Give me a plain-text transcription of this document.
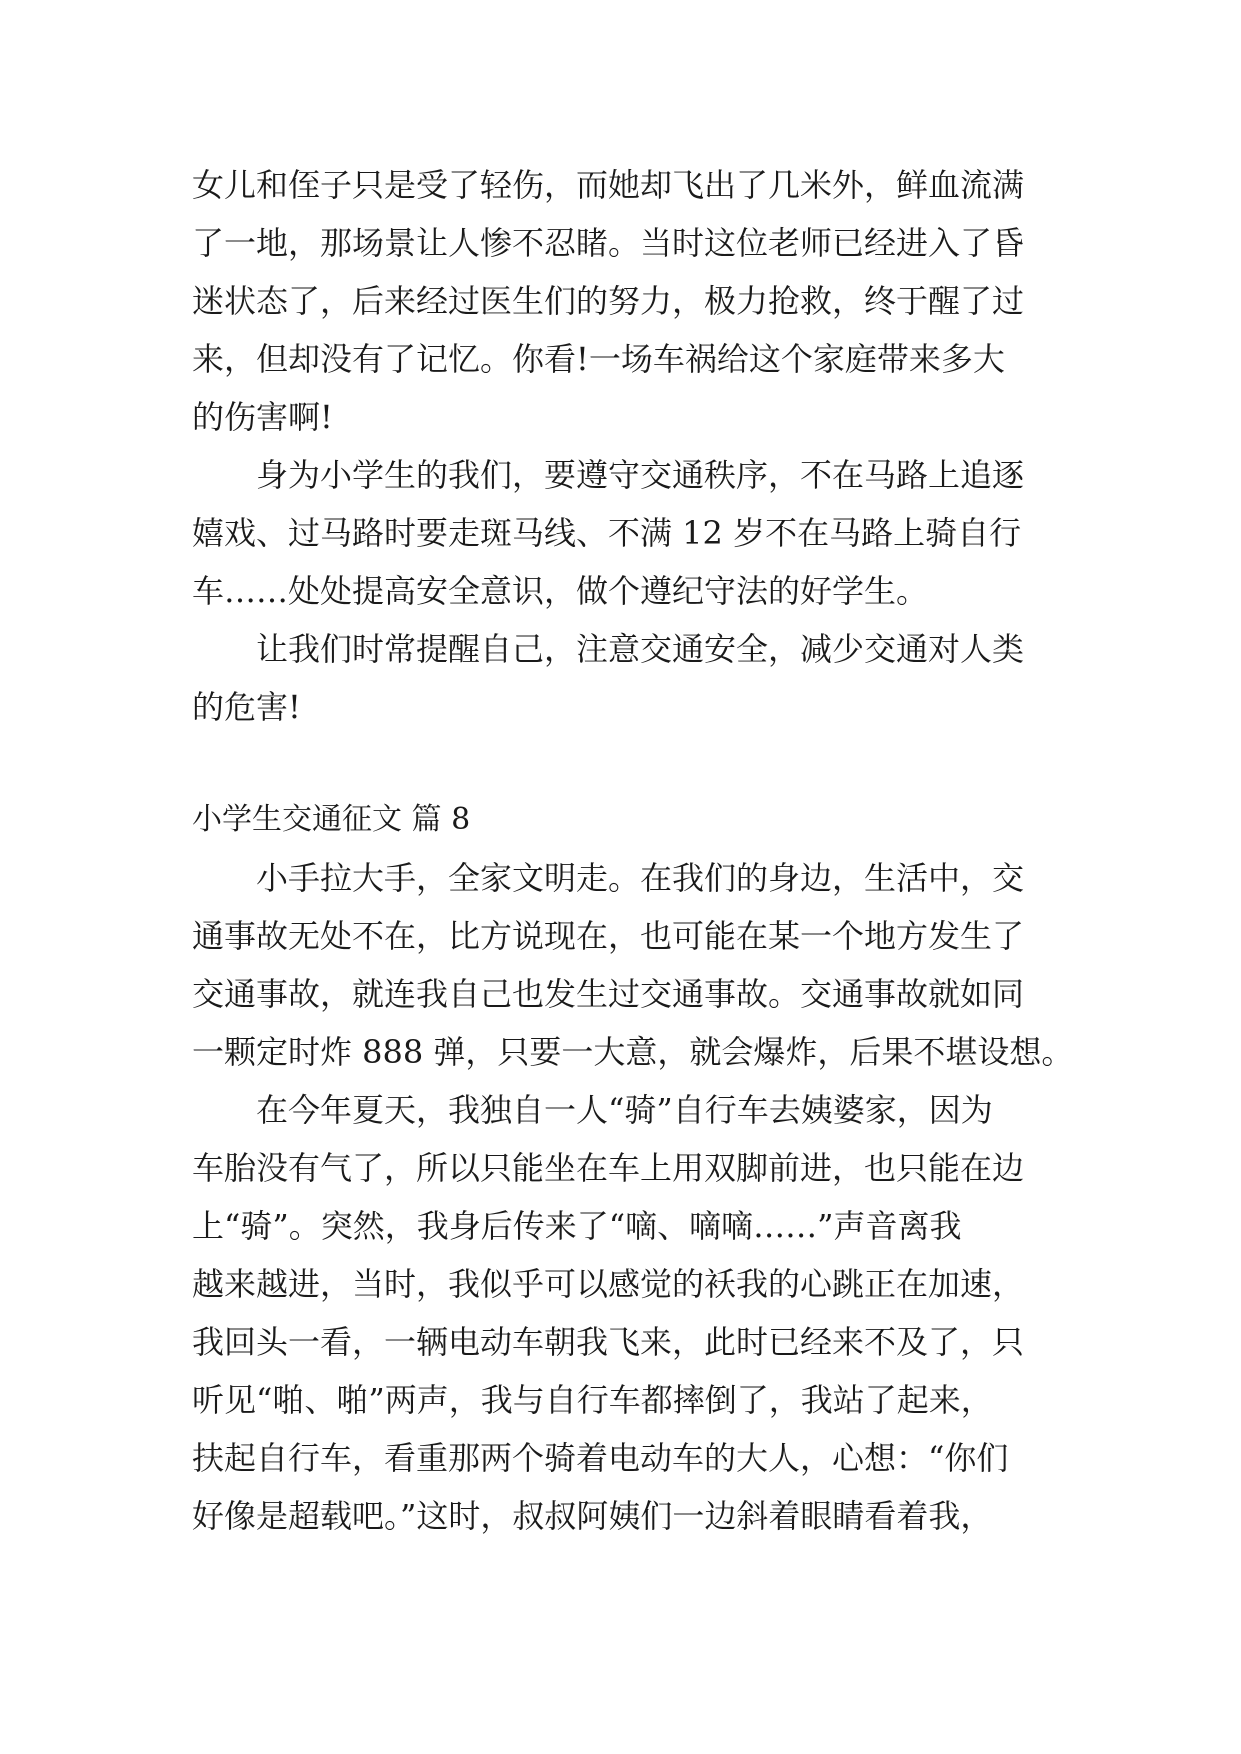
女儿和侄子只是受了轻伤，而她却飞出了几米外，鲜血流满
了一地，那场景让人惨不忍睹。当时这位老师已经进入了昏
迷状态了，后来经过医生们的努力，极力抢救，终于醒了过
来，但却没有了记忆。你看!一场车祸给这个家庭带来多大
的伤害啊!
身为小学生的我们，要遵守交通秩序，不在马路上追逐
嬉戏、过马路时要走斑马线、不满 12 岁不在马路上骑自行
车……处处提高安全意识，做个遵纪守法的好学生。
让我们时常提醒自己，注意交通安全，减少交通对人类
的危害!
小学生交通征文 篇 8
小手拉大手，全家文明走。在我们的身边，生活中，交
通事故无处不在，比方说现在，也可能在某一个地方发生了
交通事故，就连我自己也发生过交通事故。交通事故就如同
一颗定时炸 888 弹，只要一大意，就会爆炸，后果不堪设想。
在今年夏天，我独自一人“骑”自行车去姨婆家，因为
车胎没有气了，所以只能坐在车上用双脚前进，也只能在边
上“骑”。突然，我身后传来了“嘀、嘀嘀……”声音离我
越来越进，当时，我似乎可以感觉的袄我的心跳正在加速，
我回头一看，一辆电动车朝我飞来，此时已经来不及了，只
听见“啪、啪”两声，我与自行车都摔倒了，我站了起来，
扶起自行车，看重那两个骑着电动车的大人，心想：“你们
好像是超载吧。”这时，叔叔阿姨们一边斜着眼睛看着我，
